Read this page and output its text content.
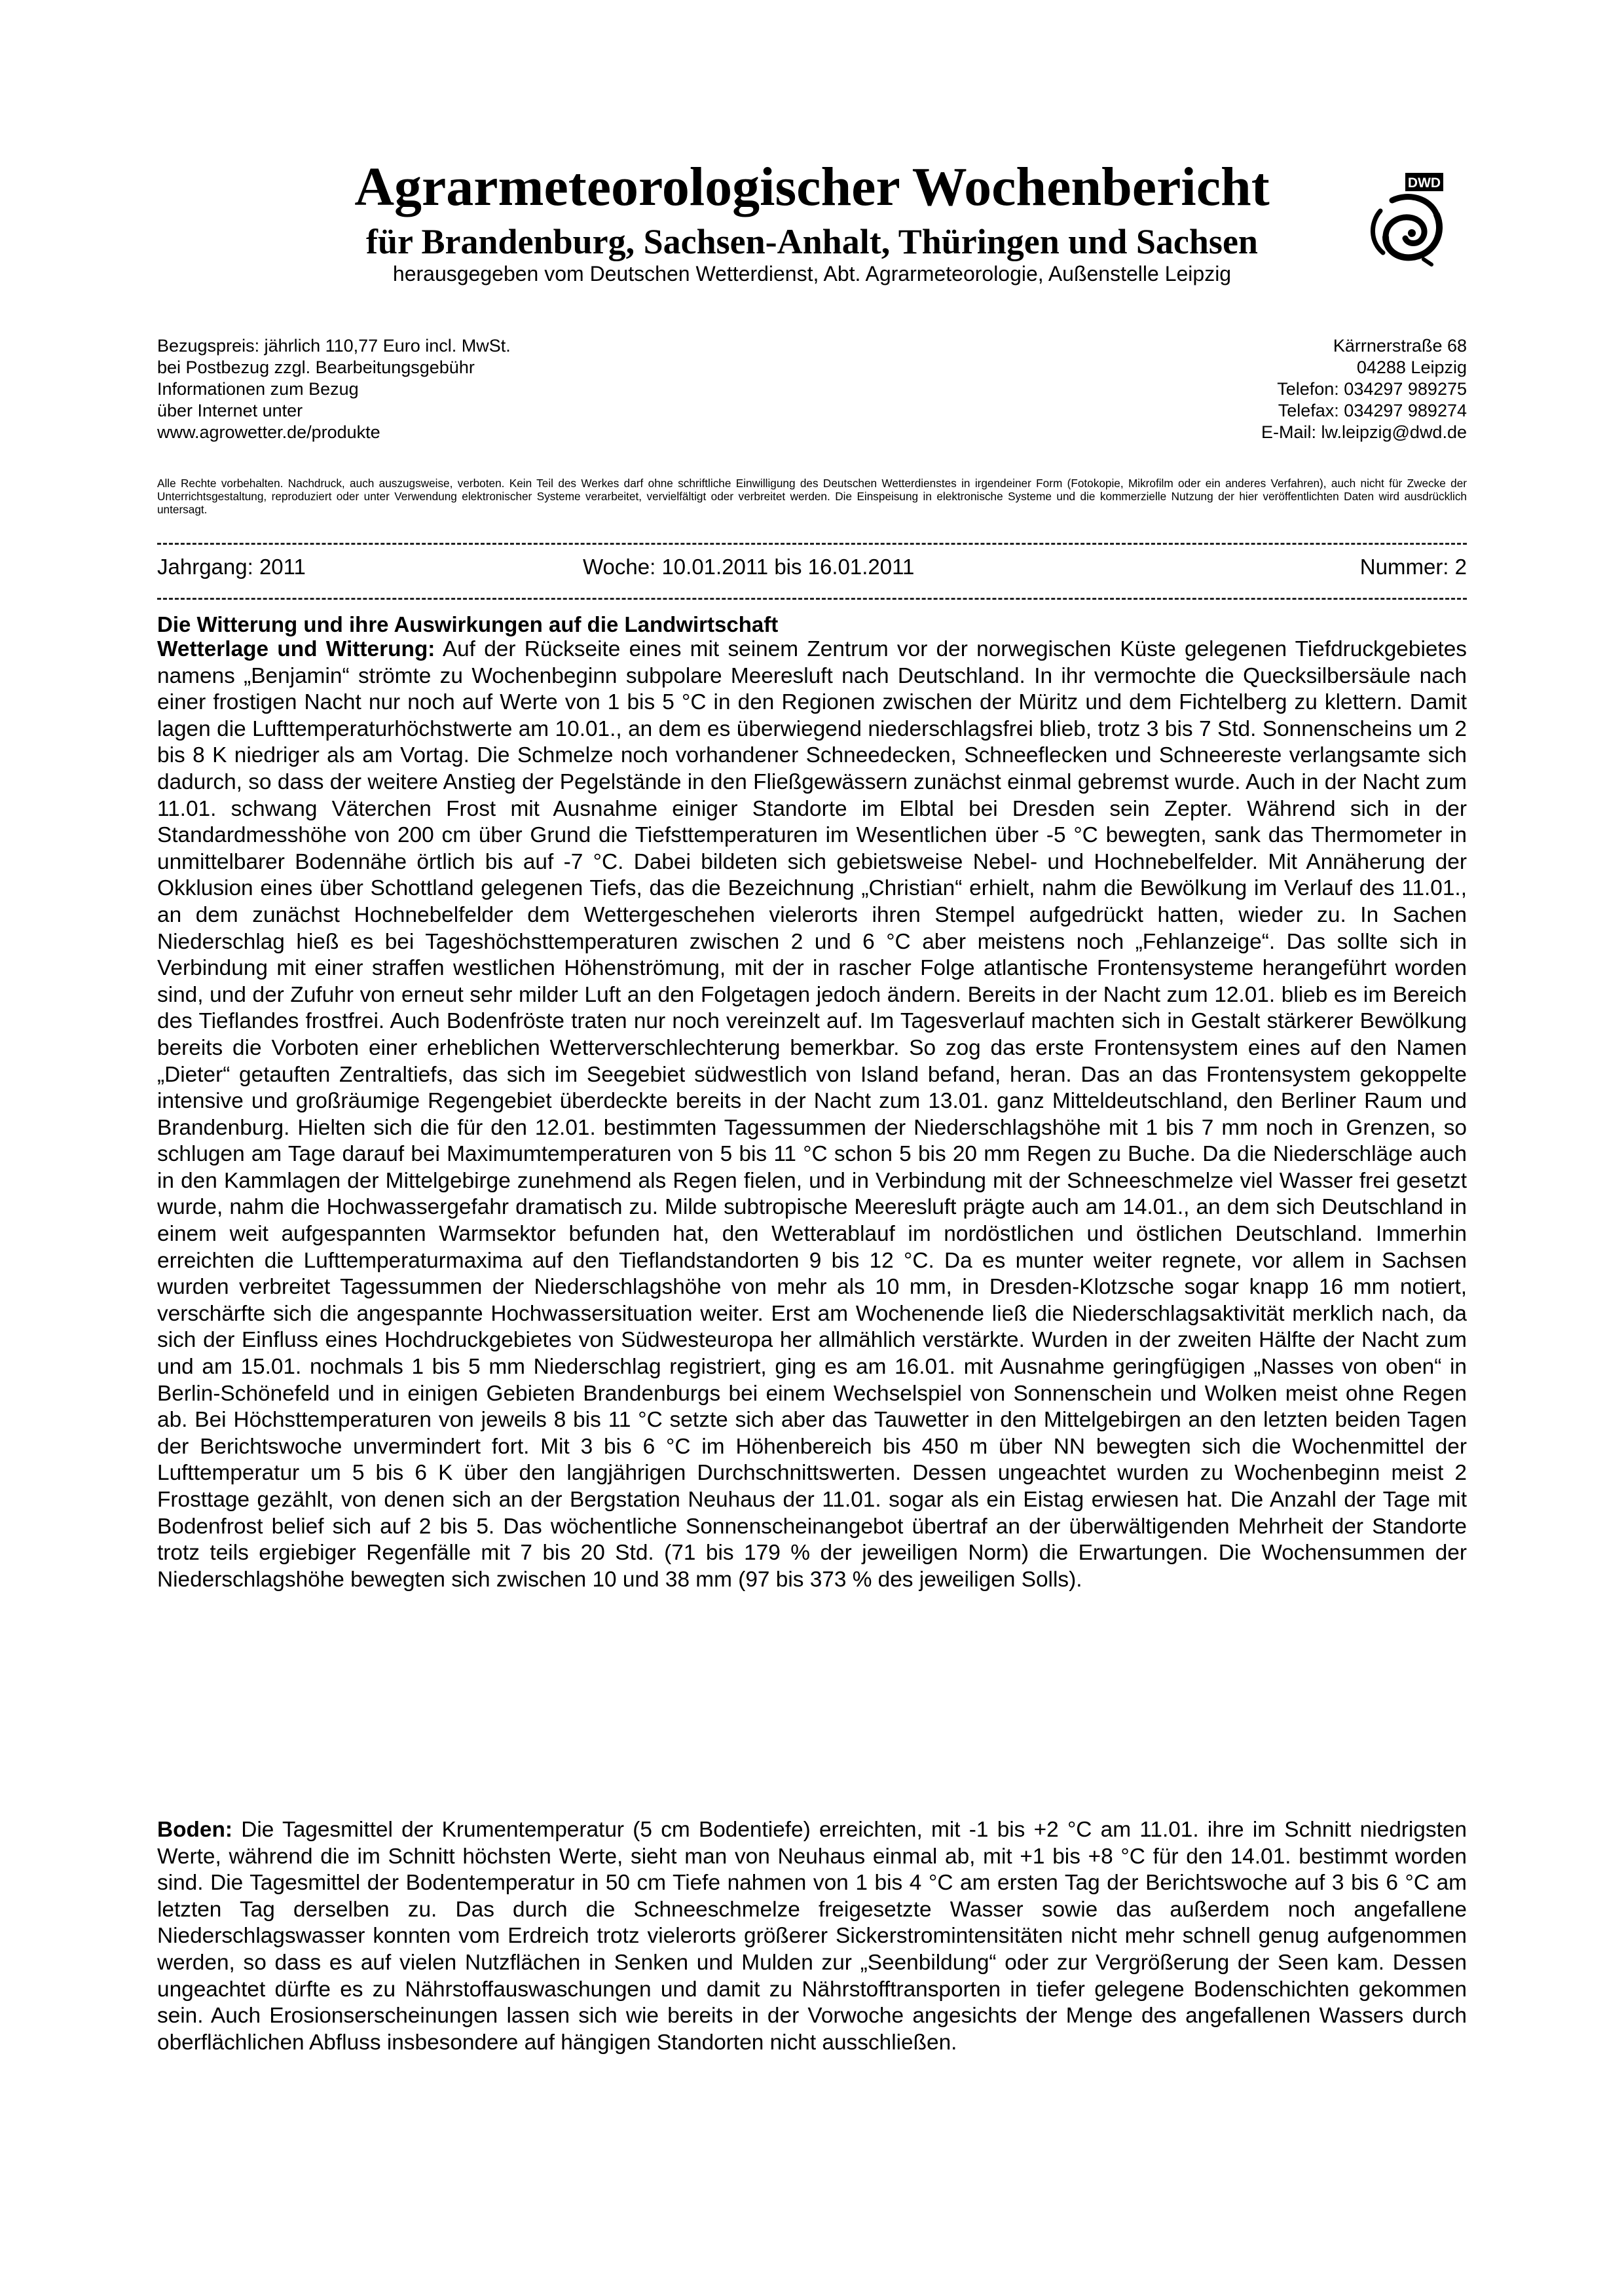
Agrarmeteorologischer Wochenbericht
für Brandenburg, Sachsen-Anhalt, Thüringen und Sachsen
herausgegeben vom Deutschen Wetterdienst, Abt. Agrarmeteorologie, Außenstelle Leipzig
DWD
Bezugspreis: jährlich 110,77 Euro incl. MwSt.
bei Postbezug zzgl. Bearbeitungsgebühr
Informationen zum Bezug
über Internet unter
www.agrowetter.de/produkte
Kärrnerstraße 68
04288 Leipzig
Telefon: 034297 989275
Telefax: 034297 989274
E-Mail: lw.leipzig@dwd.de
Alle Rechte vorbehalten. Nachdruck, auch auszugsweise, verboten. Kein Teil des Werkes darf ohne schriftliche Einwilligung des Deutschen Wetterdienstes in irgendeiner Form (Fotokopie, Mikrofilm oder ein anderes Verfahren), auch nicht für Zwecke der Unterrichtsgestaltung, reproduziert oder unter Verwendung elektronischer Systeme verarbeitet, vervielfältigt oder verbreitet werden. Die Einspeisung in elektronische Systeme und die kommerzielle Nutzung der hier veröffentlichten Daten wird ausdrücklich untersagt.
Jahrgang: 2011	Woche: 10.01.2011 bis 16.01.2011	Nummer: 2
Die Witterung und ihre Auswirkungen auf die Landwirtschaft
Wetterlage und Witterung: Auf der Rückseite eines mit seinem Zentrum vor der norwegischen Küste gelegenen Tiefdruckgebietes namens „Benjamin“ strömte zu Wochenbeginn subpolare Meeresluft nach Deutschland. In ihr vermochte die Quecksilbersäule nach einer frostigen Nacht nur noch auf Werte von 1 bis 5 °C in den Regionen zwischen der Müritz und dem Fichtelberg zu klettern. Damit lagen die Lufttemperaturhöchstwerte am 10.01., an dem es überwiegend niederschlagsfrei blieb, trotz 3 bis 7 Std. Sonnenscheins um 2 bis 8 K niedriger als am Vortag. Die Schmelze noch vorhandener Schneedecken, Schneeflecken und Schneereste verlangsamte sich dadurch, so dass der weitere Anstieg der Pegelstände in den Fließgewässern zunächst einmal gebremst wurde. Auch in der Nacht zum 11.01. schwang Väterchen Frost mit Ausnahme einiger Standorte im Elbtal bei Dresden sein Zepter. Während sich in der Standardmesshöhe von 200 cm über Grund die Tiefsttemperaturen im Wesentlichen über -5 °C bewegten, sank das Thermometer in unmittelbarer Bodennähe örtlich bis auf -7 °C. Dabei bildeten sich gebietsweise Nebel- und Hochnebelfelder. Mit Annäherung der Okklusion eines über Schottland gelegenen Tiefs, das die Bezeichnung „Christian“ erhielt, nahm die Bewölkung im Verlauf des 11.01., an dem zunächst Hochnebelfelder dem Wettergeschehen vielerorts ihren Stempel aufgedrückt hatten, wieder zu. In Sachen Niederschlag hieß es bei Tageshöchsttemperaturen zwischen 2 und 6 °C aber meistens noch „Fehlanzeige“. Das sollte sich in Verbindung mit einer straffen westlichen Höhenströmung, mit der in rascher Folge atlantische Frontensysteme herangeführt worden sind, und der Zufuhr von erneut sehr milder Luft an den Folgetagen jedoch ändern. Bereits in der Nacht zum 12.01. blieb es im Bereich des Tieflandes frostfrei. Auch Bodenfröste traten nur noch vereinzelt auf. Im Tagesverlauf machten sich in Gestalt stärkerer Bewölkung bereits die Vorboten einer erheblichen Wetterverschlechterung bemerkbar. So zog das erste Frontensystem eines auf den Namen „Dieter“ getauften Zentraltiefs, das sich im Seegebiet südwestlich von Island befand, heran. Das an das Frontensystem gekoppelte intensive und großräumige Regengebiet überdeckte bereits in der Nacht zum 13.01. ganz Mitteldeutschland, den Berliner Raum und Brandenburg. Hielten sich die für den 12.01. bestimmten Tagessummen der Niederschlagshöhe mit 1 bis 7 mm noch in Grenzen, so schlugen am Tage darauf bei Maximumtemperaturen von 5 bis 11 °C schon 5 bis 20 mm Regen zu Buche. Da die Niederschläge auch in den Kammlagen der Mittelgebirge zunehmend als Regen fielen, und in Verbindung mit der Schneeschmelze viel Wasser frei gesetzt wurde, nahm die Hochwassergefahr dramatisch zu. Milde subtropische Meeresluft prägte auch am 14.01., an dem sich Deutschland in einem weit aufgespannten Warmsektor befunden hat, den Wetterablauf im nordöstlichen und östlichen Deutschland. Immerhin erreichten die Lufttemperaturmaxima auf den Tieflandstandorten 9 bis 12 °C. Da es munter weiter regnete, vor allem in Sachsen wurden verbreitet Tagessummen der Niederschlagshöhe von mehr als 10 mm, in Dresden-Klotzsche sogar knapp 16 mm notiert, verschärfte sich die angespannte Hochwassersituation weiter. Erst am Wochenende ließ die Niederschlagsaktivität merklich nach, da sich der Einfluss eines Hochdruckgebietes von Südwesteuropa her allmählich verstärkte. Wurden in der zweiten Hälfte der Nacht zum und am 15.01. nochmals 1 bis 5 mm Niederschlag registriert, ging es am 16.01. mit Ausnahme geringfügigen „Nasses von oben“ in Berlin-Schönefeld und in einigen Gebieten Brandenburgs bei einem Wechselspiel von Sonnenschein und Wolken meist ohne Regen ab. Bei Höchsttemperaturen von jeweils 8 bis 11 °C setzte sich aber das Tauwetter in den Mittelgebirgen an den letzten beiden Tagen der Berichtswoche unvermindert fort. Mit 3 bis 6 °C im Höhenbereich bis 450 m über NN bewegten sich die Wochenmittel der Lufttemperatur um 5 bis 6 K über den langjährigen Durchschnittswerten. Dessen ungeachtet wurden zu Wochenbeginn meist 2 Frosttage gezählt, von denen sich an der Bergstation Neuhaus der 11.01. sogar als ein Eistag erwiesen hat. Die Anzahl der Tage mit Bodenfrost belief sich auf 2 bis 5. Das wöchentliche Sonnenscheinangebot übertraf an der überwältigenden Mehrheit der Standorte trotz teils ergiebiger Regenfälle mit 7 bis 20 Std. (71 bis 179 % der jeweiligen Norm) die Erwartungen. Die Wochensummen der Niederschlagshöhe bewegten sich zwischen 10 und 38 mm (97 bis 373 % des jeweiligen Solls).
Boden: Die Tagesmittel der Krumentemperatur (5 cm Bodentiefe) erreichten, mit -1 bis +2 °C am 11.01. ihre im Schnitt niedrigsten Werte, während die im Schnitt höchsten Werte, sieht man von Neuhaus einmal ab, mit +1 bis +8 °C für den 14.01. bestimmt worden sind. Die Tagesmittel der Bodentemperatur in 50 cm Tiefe nahmen von 1 bis 4 °C am ersten Tag der Berichtswoche auf 3 bis 6 °C am letzten Tag derselben zu. Das durch die Schneeschmelze freigesetzte Wasser sowie das außerdem noch angefallene Niederschlagswasser konnten vom Erdreich trotz vielerorts größerer Sickerstromintensitäten nicht mehr schnell genug aufgenommen werden, so dass es auf vielen Nutzflächen in Senken und Mulden zur „Seenbildung“ oder zur Vergrößerung der Seen kam. Dessen ungeachtet dürfte es zu Nährstoffauswaschungen und damit zu Nährstofftransporten in tiefer gelegene Bodenschichten gekommen sein. Auch Erosionserscheinungen lassen sich wie bereits in der Vorwoche angesichts der Menge des angefallenen Wassers durch oberflächlichen Abfluss insbesondere auf hängigen Standorten nicht ausschließen.
